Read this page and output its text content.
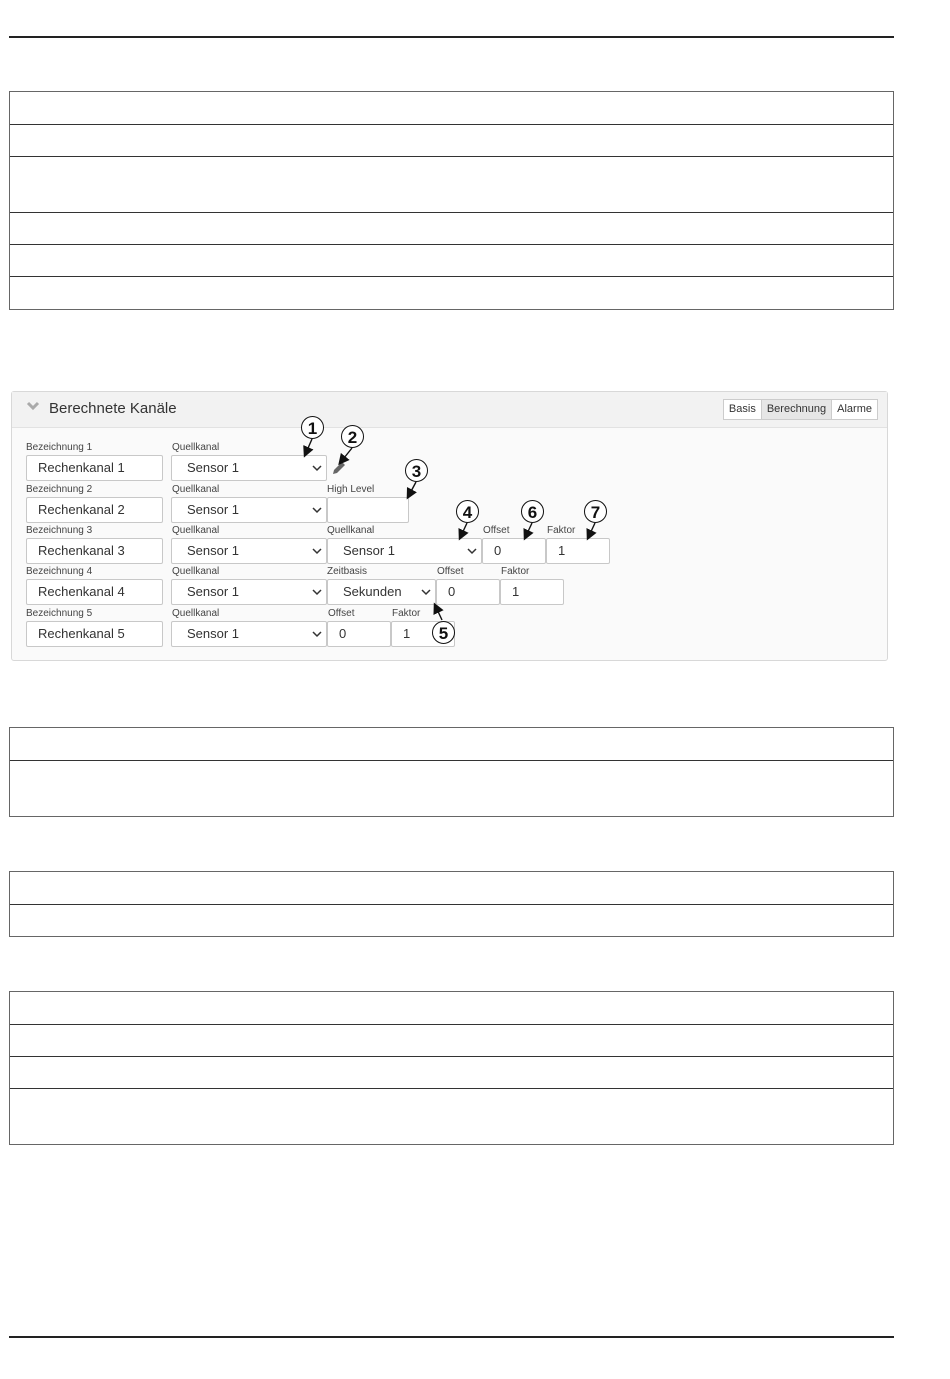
Berechnete Kanäle	Basis	Berechnung	Alarme
Bezeichnung 1	Quellkanal
Rechenkanal 1	Sensor 1
Bezeichnung 2	Quellkanal	High Level
Rechenkanal 2	Sensor 1
Bezeichnung 3	Quellkanal	Quellkanal	Offset	Faktor
Rechenkanal 3	Sensor 1	Sensor 1	0	1
Bezeichnung 4	Quellkanal	Zeitbasis	Offset	Faktor
Rechenkanal 4	Sensor 1	Sekunden	0	1
Bezeichnung 5	Quellkanal	Offset	Faktor
Rechenkanal 5	Sensor 1	0	1
1	2
3
4
5
6	7
